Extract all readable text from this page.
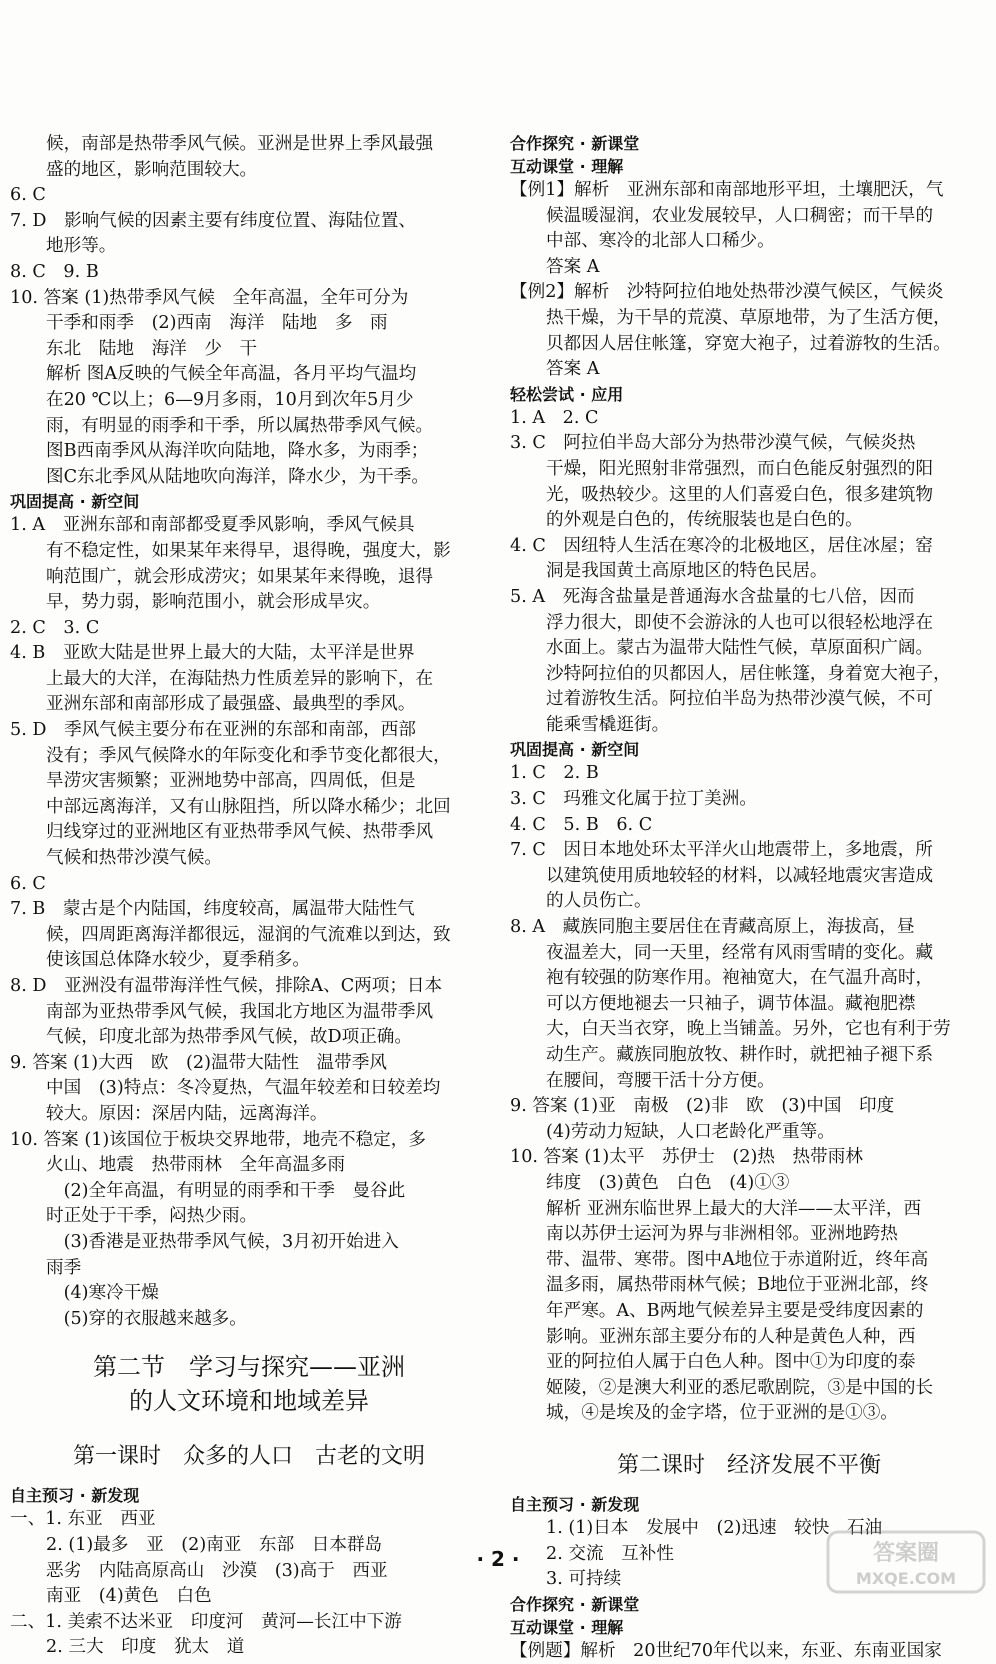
候，南部是热带季风气候。亚洲是世界上季风最强

盛的地区，影响范围较大。

6. C

7. D　影响气候的因素主要有纬度位置、海陆位置、

地形等。

8. C　9. B

10. 答案 (1)热带季风气候　全年高温，全年可分为

干季和雨季　(2)西南　海洋　陆地　多　雨

东北　陆地　海洋　少　干

解析 图A反映的气候全年高温，各月平均气温均

在20 ℃以上；6—9月多雨，10月到次年5月少

雨，有明显的雨季和干季，所以属热带季风气候。

图B西南季风从海洋吹向陆地，降水多，为雨季；

图C东北季风从陆地吹向海洋，降水少，为干季。

巩固提高 · 新空间

1. A　亚洲东部和南部都受夏季风影响，季风气候具

有不稳定性，如果某年来得早，退得晚，强度大，影

响范围广，就会形成涝灾；如果某年来得晚，退得

早，势力弱，影响范围小，就会形成旱灾。

2. C　3. C

4. B　亚欧大陆是世界上最大的大陆，太平洋是世界

上最大的大洋，在海陆热力性质差异的影响下，在

亚洲东部和南部形成了最强盛、最典型的季风。

5. D　季风气候主要分布在亚洲的东部和南部，西部

没有；季风气候降水的年际变化和季节变化都很大，

旱涝灾害频繁；亚洲地势中部高，四周低，但是

中部远离海洋，又有山脉阻挡，所以降水稀少；北回

归线穿过的亚洲地区有亚热带季风气候、热带季风

气候和热带沙漠气候。

6. C

7. B　蒙古是个内陆国，纬度较高，属温带大陆性气

候，四周距离海洋都很远，湿润的气流难以到达，致

使该国总体降水较少，夏季稍多。

8. D　亚洲没有温带海洋性气候，排除A、C两项；日本

南部为亚热带季风气候，我国北方地区为温带季风

气候，印度北部为热带季风气候，故D项正确。

9. 答案 (1)大西　欧　(2)温带大陆性　温带季风

中国　(3)特点：冬冷夏热，气温年较差和日较差均

较大。原因：深居内陆，远离海洋。

10. 答案 (1)该国位于板块交界地带，地壳不稳定，多

火山、地震　热带雨林　全年高温多雨

　(2)全年高温，有明显的雨季和干季　曼谷此

时正处于干季，闷热少雨。

　(3)香港是亚热带季风气候，3月初开始进入

雨季

　(4)寒冷干燥

　(5)穿的衣服越来越多。

第二节　学习与探究——亚洲

的人文环境和地域差异

第一课时　众多的人口　古老的文明

自主预习 · 新发现

一、1. 东亚　西亚

2. (1)最多　亚　(2)南亚　东部　日本群岛

恶劣　内陆高原高山　沙漠　(3)高于　西亚

南亚　(4)黄色　白色

二、1. 美索不达米亚　印度河　黄河—长江中下游

2. 三大　印度　犹太　道

合作探究 · 新课堂

互动课堂 · 理解

【例1】解析　亚洲东部和南部地形平坦，土壤肥沃，气

候温暖湿润，农业发展较早，人口稠密；而干旱的

中部、寒冷的北部人口稀少。

答案 A

【例2】解析　沙特阿拉伯地处热带沙漠气候区，气候炎

热干燥，为干旱的荒漠、草原地带，为了生活方便，

贝都因人居住帐篷，穿宽大袍子，过着游牧的生活。

答案 A

轻松尝试 · 应用

1. A　2. C

3. C　阿拉伯半岛大部分为热带沙漠气候，气候炎热

干燥，阳光照射非常强烈，而白色能反射强烈的阳

光，吸热较少。这里的人们喜爱白色，很多建筑物

的外观是白色的，传统服装也是白色的。

4. C　因纽特人生活在寒冷的北极地区，居住冰屋；窑

洞是我国黄土高原地区的特色民居。

5. A　死海含盐量是普通海水含盐量的七八倍，因而

浮力很大，即使不会游泳的人也可以很轻松地浮在

水面上。蒙古为温带大陆性气候，草原面积广阔。

沙特阿拉伯的贝都因人，居住帐篷，身着宽大袍子，

过着游牧生活。阿拉伯半岛为热带沙漠气候，不可

能乘雪橇逛街。

巩固提高 · 新空间

1. C　2. B

3. C　玛雅文化属于拉丁美洲。

4. C　5. B　6. C

7. C　因日本地处环太平洋火山地震带上，多地震，所

以建筑使用质地较轻的材料，以减轻地震灾害造成

的人员伤亡。

8. A　藏族同胞主要居住在青藏高原上，海拔高，昼

夜温差大，同一天里，经常有风雨雪晴的变化。藏

袍有较强的防寒作用。袍袖宽大，在气温升高时，

可以方便地褪去一只袖子，调节体温。藏袍肥襟

大，白天当衣穿，晚上当铺盖。另外，它也有利于劳

动生产。藏族同胞放牧、耕作时，就把袖子褪下系

在腰间，弯腰干活十分方便。

9. 答案 (1)亚　南极　(2)非　欧　(3)中国　印度

(4)劳动力短缺，人口老龄化严重等。

10. 答案 (1)太平　苏伊士　(2)热　热带雨林

纬度　(3)黄色　白色　(4)①③

解析 亚洲东临世界上最大的大洋——太平洋，西

南以苏伊士运河为界与非洲相邻。亚洲地跨热

带、温带、寒带。图中A地位于赤道附近，终年高

温多雨，属热带雨林气候；B地位于亚洲北部，终

年严寒。A、B两地气候差异主要是受纬度因素的

影响。亚洲东部主要分布的人种是黄色人种，西

亚的阿拉伯人属于白色人种。图中①为印度的泰

姬陵，②是澳大利亚的悉尼歌剧院，③是中国的长

城，④是埃及的金字塔，位于亚洲的是①③。

第二课时　经济发展不平衡

自主预习 · 新发现

1. (1)日本　发展中　(2)迅速　较快　石油

2. 交流　互补性

3. 可持续

合作探究 · 新课堂

互动课堂 · 理解

【例题】解析　20世纪70年代以来，东亚、东南亚国家

· 2 ·	答案圈
MXQE.COM
